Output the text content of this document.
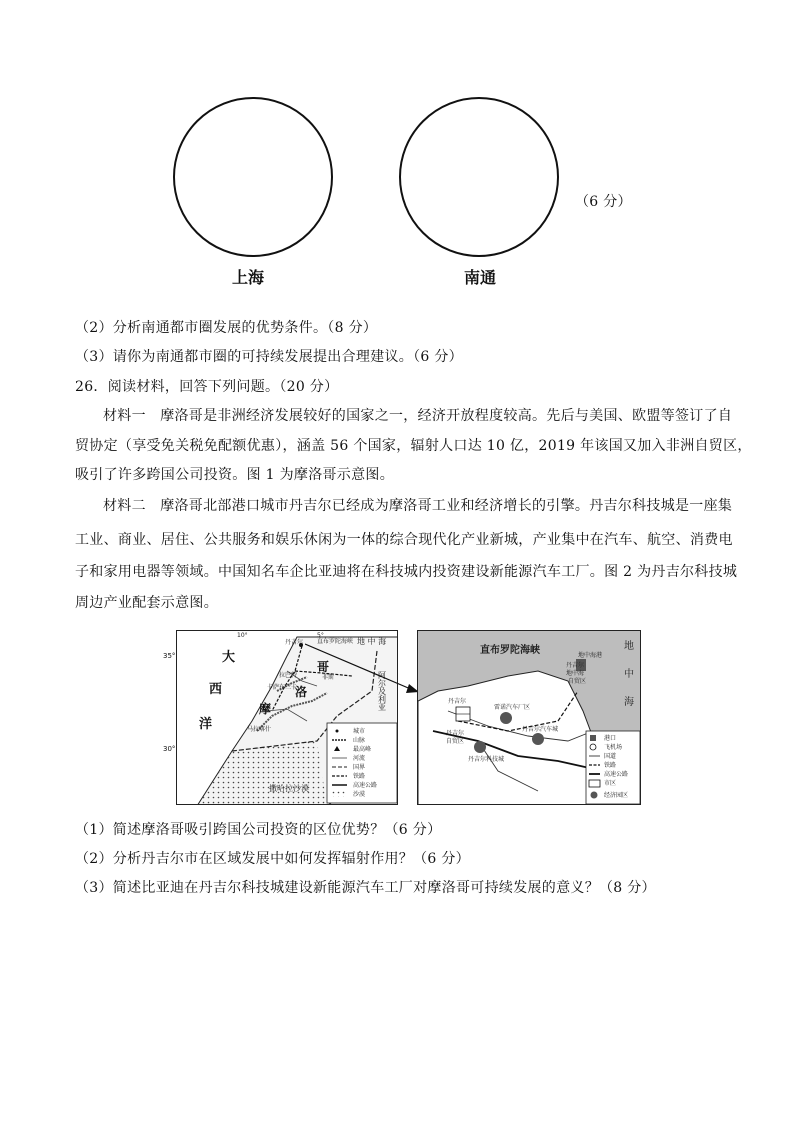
上海	南通
（6 分）
（2）分析南通都市圈发展的优势条件。（8 分）
（3）请你为南通都市圈的可持续发展提出合理建议。（6 分）
26．阅读材料，回答下列问题。（20 分）
材料一　摩洛哥是非洲经济发展较好的国家之一，经济开放程度较高。先后与美国、欧盟等签订了自
贸协定（享受免关税免配额优惠），涵盖 56 个国家，辐射人口达 10 亿，2019 年该国又加入非洲自贸区，
吸引了许多跨国公司投资。图 1 为摩洛哥示意图。
材料二　摩洛哥北部港口城市丹吉尔已经成为摩洛哥工业和经济增长的引擎。丹吉尔科技城是一座集
工业、商业、居住、公共服务和娱乐休闲为一体的综合现代化产业新城，产业集中在汽车、航空、消费电
子和家用电器等领域。中国知名车企比亚迪将在科技城内投资建设新能源汽车工厂。图 2 为丹吉尔科技城
周边产业配套示意图。
10°	5°
大
西
洋
地 中 海
摩
洛
哥
阿尔及利亚
丹吉尔 直布罗陀海峡
拉巴特
卡萨布兰卡
非斯
马拉喀什	城市
山脉
最高峰
河流
国界
铁路
高速公路
沙漠
撒哈拉沙漠
35°
30°
直布罗陀海峡	地
中
海
地中海港
丹吉尔
地中海
自贸区
丹吉尔
雷诺汽车厂区
丹吉尔
自贸区
丹吉尔汽车城
丹吉尔科技城
港口
飞机场
国道
铁路
高速公路
市区
经济园区
（1）简述摩洛哥吸引跨国公司投资的区位优势？（6 分）
（2）分析丹吉尔市在区域发展中如何发挥辐射作用？（6 分）
（3）简述比亚迪在丹吉尔科技城建设新能源汽车工厂对摩洛哥可持续发展的意义？（8 分）
